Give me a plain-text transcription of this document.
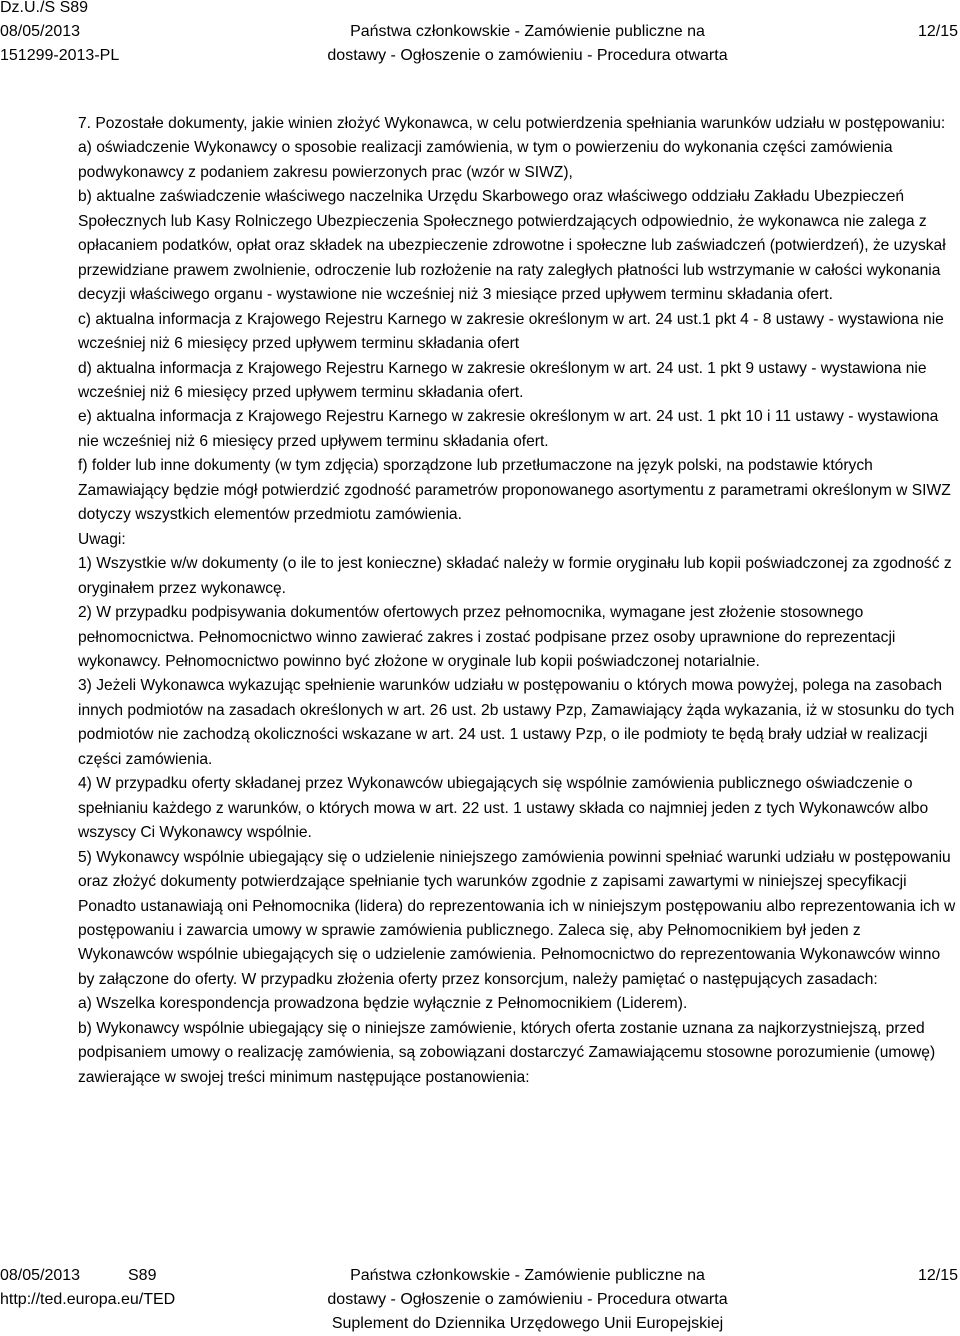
Dz.U./S S89
08/05/2013
151299-2013-PL
Państwa członkowskie - Zamówienie publiczne na
dostawy - Ogłoszenie o zamówieniu - Procedura otwarta
12/15

7. Pozostałe dokumenty, jakie winien złożyć Wykonawca, w celu potwierdzenia spełniania warunków udziału w postępowaniu:

a) oświadczenie Wykonawcy o sposobie realizacji zamówienia, w tym o powierzeniu do wykonania części zamówienia podwykonawcy z podaniem zakresu powierzonych prac (wzór w SIWZ),

b) aktualne zaświadczenie właściwego naczelnika Urzędu Skarbowego oraz właściwego oddziału Zakładu Ubezpieczeń Społecznych lub Kasy Rolniczego Ubezpieczenia Społecznego potwierdzających odpowiednio, że wykonawca nie zalega z opłacaniem podatków, opłat oraz składek na ubezpieczenie zdrowotne i społeczne lub zaświadczeń (potwierdzeń), że uzyskał przewidziane prawem zwolnienie, odroczenie lub rozłożenie na raty zaległych płatności lub wstrzymanie w całości wykonania decyzji właściwego organu - wystawione nie wcześniej niż 3 miesiące przed upływem terminu składania ofert.

c) aktualna informacja z Krajowego Rejestru Karnego w zakresie określonym w art. 24 ust.1 pkt 4 - 8 ustawy - wystawiona nie wcześniej niż 6 miesięcy przed upływem terminu składania ofert

d) aktualna informacja z Krajowego Rejestru Karnego w zakresie określonym w art. 24 ust. 1 pkt 9 ustawy - wystawiona nie wcześniej niż 6 miesięcy przed upływem terminu składania ofert.

e) aktualna informacja z Krajowego Rejestru Karnego w zakresie określonym w art. 24 ust. 1 pkt 10 i 11 ustawy - wystawiona nie wcześniej niż 6 miesięcy przed upływem terminu składania ofert.

f) folder lub inne dokumenty (w tym zdjęcia) sporządzone lub przetłumaczone na język polski, na podstawie których Zamawiający będzie mógł potwierdzić zgodność parametrów proponowanego asortymentu z parametrami określonym w SIWZ dotyczy wszystkich elementów przedmiotu zamówienia.

Uwagi:

1) Wszystkie w/w dokumenty (o ile to jest konieczne) składać należy w formie oryginału lub kopii poświadczonej za zgodność z oryginałem przez wykonawcę.

2) W przypadku podpisywania dokumentów ofertowych przez pełnomocnika, wymagane jest złożenie stosownego pełnomocnictwa. Pełnomocnictwo winno zawierać zakres i zostać podpisane przez osoby uprawnione do reprezentacji wykonawcy. Pełnomocnictwo powinno być złożone w oryginale lub kopii poświadczonej notarialnie.

3) Jeżeli Wykonawca wykazując spełnienie warunków udziału w postępowaniu o których mowa powyżej, polega na zasobach innych podmiotów na zasadach określonych w art. 26 ust. 2b ustawy Pzp, Zamawiający żąda wykazania, iż w stosunku do tych podmiotów nie zachodzą okoliczności wskazane w art. 24 ust. 1 ustawy Pzp, o ile podmioty te będą brały udział w realizacji części zamówienia.

4) W przypadku oferty składanej przez Wykonawców ubiegających się wspólnie zamówienia publicznego oświadczenie o spełnianiu każdego z warunków, o których mowa w art. 22 ust. 1 ustawy składa co najmniej jeden z tych Wykonawców albo wszyscy Ci Wykonawcy wspólnie.

5) Wykonawcy wspólnie ubiegający się o udzielenie niniejszego zamówienia powinni spełniać warunki udziału w postępowaniu oraz złożyć dokumenty potwierdzające spełnianie tych warunków zgodnie z zapisami zawartymi w niniejszej specyfikacji Ponadto ustanawiają oni Pełnomocnika (lidera) do reprezentowania ich w niniejszym postępowaniu albo reprezentowania ich w postępowaniu i zawarcia umowy w sprawie zamówienia publicznego. Zaleca się, aby Pełnomocnikiem był jeden z Wykonawców wspólnie ubiegających się o udzielenie zamówienia. Pełnomocnictwo do reprezentowania Wykonawców winno by załączone do oferty. W przypadku złożenia oferty przez konsorcjum, należy pamiętać o następujących zasadach:

a) Wszelka korespondencja prowadzona będzie wyłącznie z Pełnomocnikiem (Liderem).

b) Wykonawcy wspólnie ubiegający się o niniejsze zamówienie, których oferta zostanie uznana za najkorzystniejszą, przed podpisaniem umowy o realizację zamówienia, są zobowiązani dostarczyć Zamawiającemu stosowne porozumienie (umowę) zawierające w swojej treści minimum następujące postanowienia:

08/05/2013	S89
http://ted.europa.eu/TED
Państwa członkowskie - Zamówienie publiczne na
dostawy - Ogłoszenie o zamówieniu - Procedura otwarta
Suplement do Dziennika Urzędowego Unii Europejskiej
12/15
